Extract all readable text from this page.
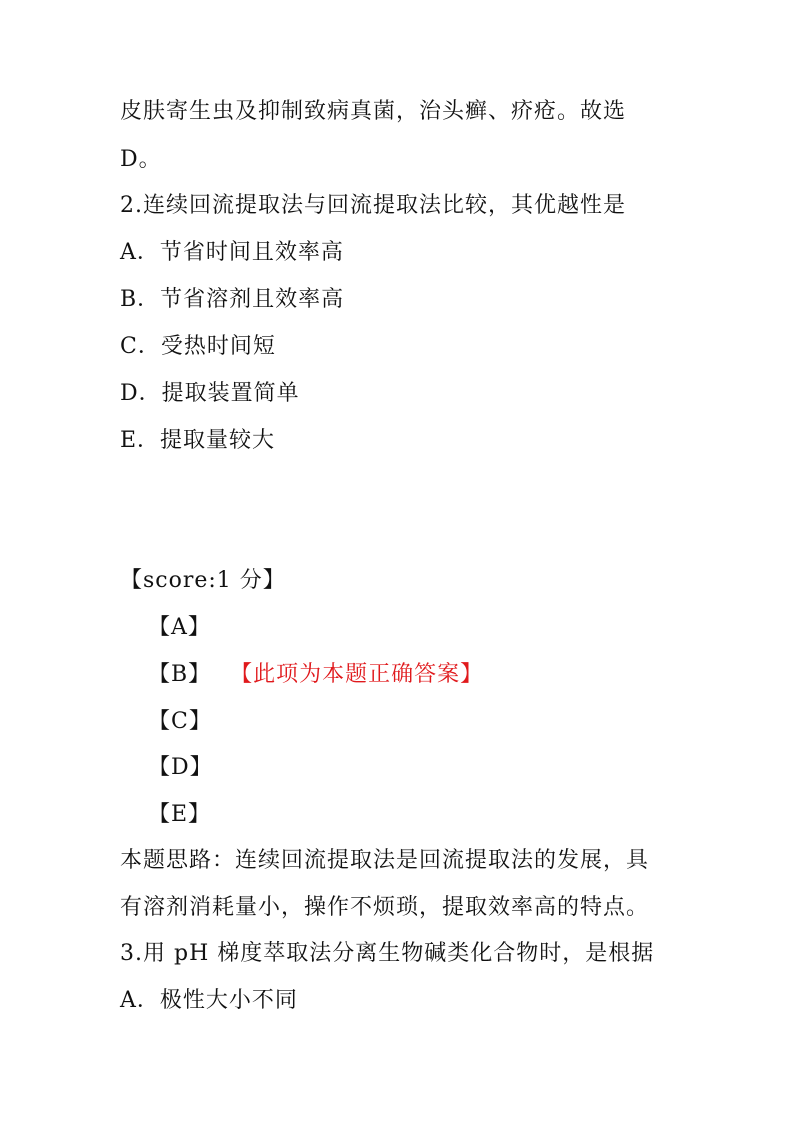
皮肤寄生虫及抑制致病真菌，治头癣、疥疮。故选
D。
2.连续回流提取法与回流提取法比较，其优越性是
A．节省时间且效率高
B．节省溶剂且效率高
C．受热时间短
D．提取装置简单
E．提取量较大
【score:1 分】
【A】
【B】 【此项为本题正确答案】
【C】
【D】
【E】
本题思路：连续回流提取法是回流提取法的发展，具
有溶剂消耗量小，操作不烦琐，提取效率高的特点。
3.用 pH 梯度萃取法分离生物碱类化合物时，是根据
A．极性大小不同
